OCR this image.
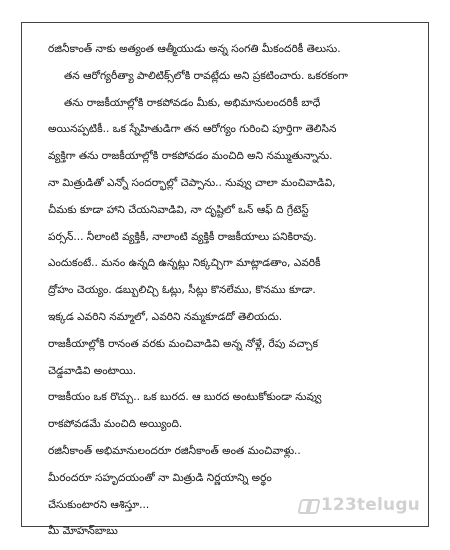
రజినీకాంత్ నాకు అత్యంత ఆత్మీయుడు అన్న సంగతి మీకందరికీ తెలుసు.
తన ఆరోగ్యరీత్యా పాలిటిక్స్‌లోకి రావట్లేదు అని ప్రకటించారు. ఒకరకంగా
తను రాజకీయాల్లోకి రాకపోవడం మీకు, అభిమానులందరికీ బాధే
అయినప్పటికీ.. ఒక స్నేహితుడిగా తన ఆరోగ్యం గురించి పూర్తిగా తెలిసిన
వ్యక్తిగా తను రాజకీయాల్లోకి రాకపోవడం మంచిది అని నమ్ముతున్నాను.
నా మిత్రుడితో ఎన్నో సందర్భాల్లో చెప్పాను.. నువ్వు చాలా మంచివాడివి,
చీమకు కూడా హాని చేయనివాడివి, నా దృష్టిలో ఒన్ ఆఫ్ ది గ్రేటెస్ట్
పర్సన్... నీలాంటి వ్యక్తికీ, నాలాంటి వ్యక్తికీ రాజకీయాలు పనికిరావు.
ఎందుకంటే.. మనం ఉన్నది ఉన్నట్లు నిక్కచ్చిగా మాట్లాడతాం, ఎవరికీ
ద్రోహం చెయ్యం. డబ్బులిచ్చి ఓట్లు, సీట్లు కొనలేము, కొనము కూడా.
ఇక్కడ ఎవరిని నమ్మాలో, ఎవరిని నమ్మకూడదో తెలియదు.
రాజకీయాల్లోకి రానంత వరకు మంచివాడివి అన్న నోళ్లే, రేపు వచ్చాక
చెడ్డవాడివి అంటాయి.
రాజకీయం ఒక రొచ్చు.. ఒక బురద. ఆ బురద అంటుకోకుండా నువ్వు
రాకపోవడమే మంచిది అయ్యింది.
రజినీకాంత్ అభిమానులందరూ రజినీకాంత్ అంత మంచివాళ్లు..
మీరందరూ సహృదయంతో నా మిత్రుడి నిర్ణయాన్ని అర్థం
చేసుకుంటారని ఆశిస్తూ...
మీ మోహన్‌బాబు
123telugu
